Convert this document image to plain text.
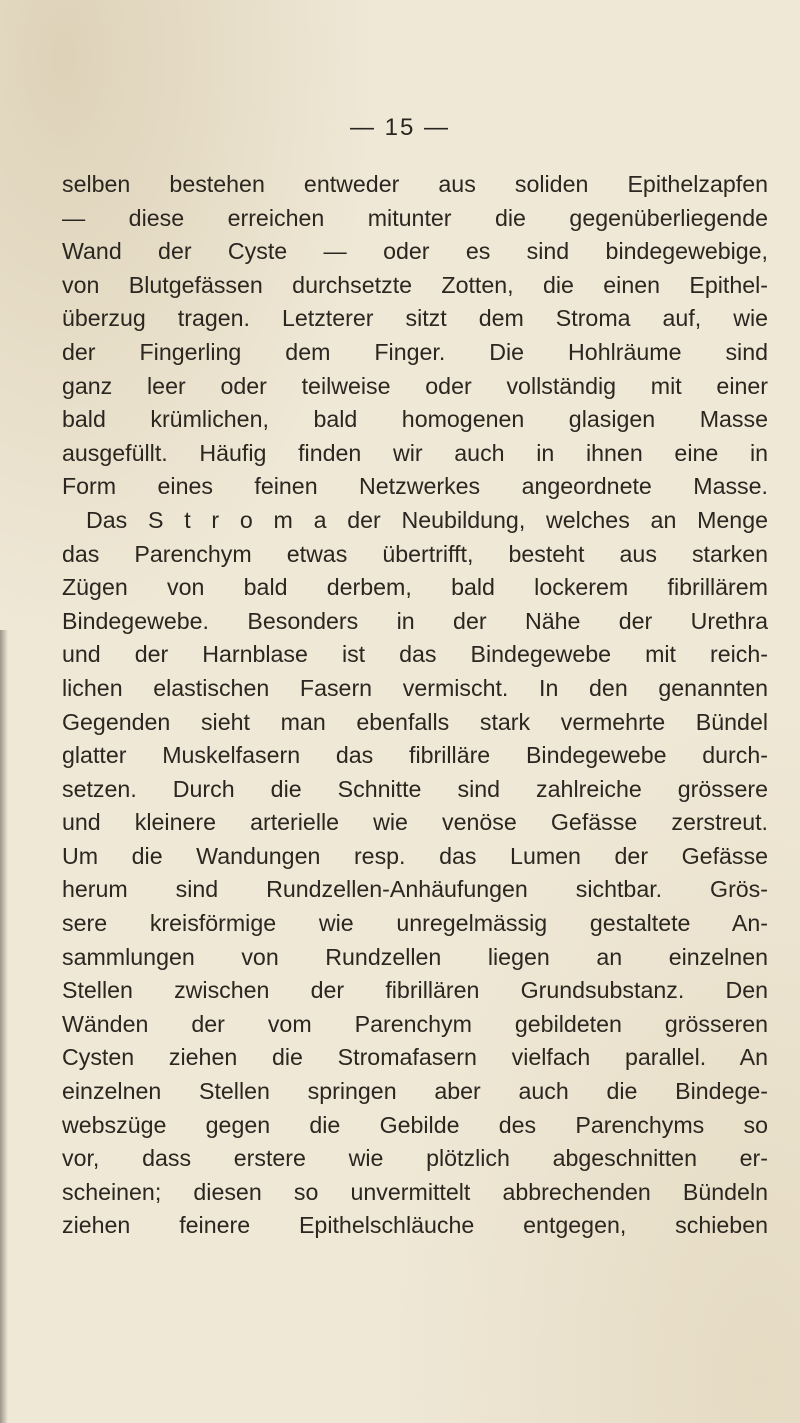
— 15 —
selben bestehen entweder aus soliden Epithelzapfen
— diese erreichen mitunter die gegenüberliegende
Wand der Cyste — oder es sind bindegewebige,
von Blutgefässen durchsetzte Zotten, die einen Epithel-
überzug tragen. Letzterer sitzt dem Stroma auf, wie
der Fingerling dem Finger. Die Hohlräume sind
ganz leer oder teilweise oder vollständig mit einer
bald krümlichen, bald homogenen glasigen Masse
ausgefüllt. Häufig finden wir auch in ihnen eine in
Form eines feinen Netzwerkes angeordnete Masse.
Das S t r o m a der Neubildung, welches an Menge
das Parenchym etwas übertrifft, besteht aus starken
Zügen von bald derbem, bald lockerem fibrillärem
Bindegewebe. Besonders in der Nähe der Urethra
und der Harnblase ist das Bindegewebe mit reich-
lichen elastischen Fasern vermischt. In den genannten
Gegenden sieht man ebenfalls stark vermehrte Bündel
glatter Muskelfasern das fibrilläre Bindegewebe durch-
setzen. Durch die Schnitte sind zahlreiche grössere
und kleinere arterielle wie venöse Gefässe zerstreut.
Um die Wandungen resp. das Lumen der Gefässe
herum sind Rundzellen-Anhäufungen sichtbar. Grös-
sere kreisförmige wie unregelmässig gestaltete An-
sammlungen von Rundzellen liegen an einzelnen
Stellen zwischen der fibrillären Grundsubstanz. Den
Wänden der vom Parenchym gebildeten grösseren
Cysten ziehen die Stromafasern vielfach parallel. An
einzelnen Stellen springen aber auch die Bindege-
webszüge gegen die Gebilde des Parenchyms so
vor, dass erstere wie plötzlich abgeschnitten er-
scheinen; diesen so unvermittelt abbrechenden Bündeln
ziehen feinere Epithelschläuche entgegen, schieben
